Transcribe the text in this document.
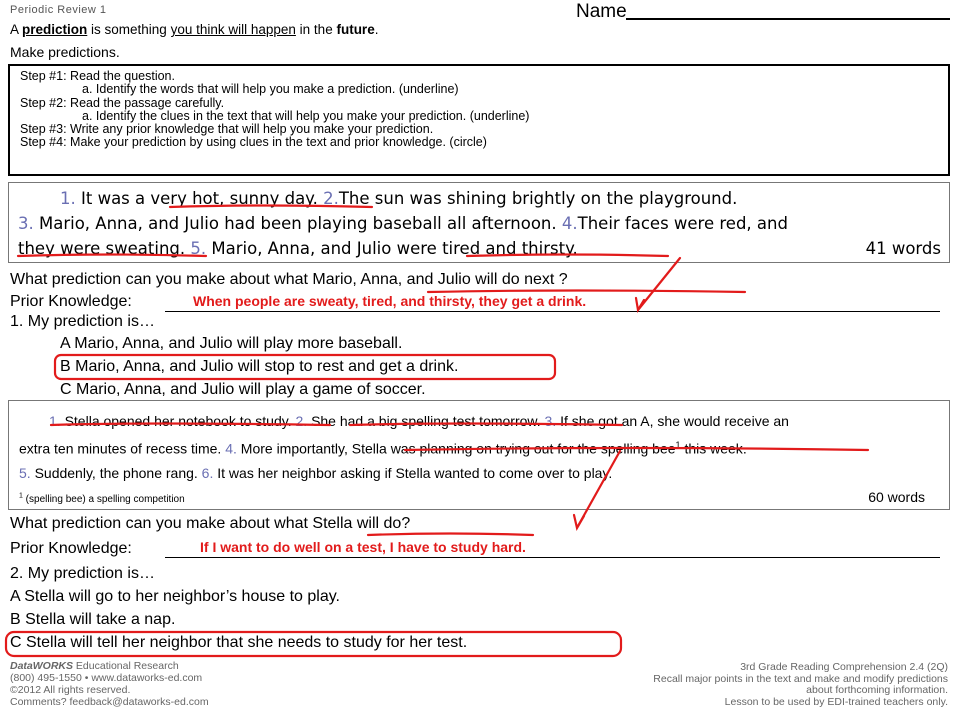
Periodic Review 1	Name
A prediction is something you think will happen in the future.
Make predictions.
Step #1: Read the question.
a. Identify the words that will help you make a prediction. (underline)
Step #2: Read the passage carefully.
a. Identify the clues in the text that will help you make your prediction. (underline)
Step #3: Write any prior knowledge that will help you make your prediction.
Step #4: Make your prediction by using clues in the text and prior knowledge. (circle)
1. It was a very hot, sunny day. 2.The sun was shining brightly on the playground.
3. Mario, Anna, and Julio had been playing baseball all afternoon. 4.Their faces were red, and
they were sweating. 5. Mario, Anna, and Julio were tired and thirsty.	41 words
What prediction can you make about what Mario, Anna, and Julio will do next ?
Prior Knowledge:	When people are sweaty, tired, and thirsty, they get a drink.
1. My prediction is…
A Mario, Anna, and Julio will play more baseball.
B Mario, Anna, and Julio will stop to rest and get a drink.
C Mario, Anna, and Julio will play a game of soccer.
1. Stella opened her notebook to study. 2. She had a big spelling test tomorrow. 3. If she got an A, she would receive an
extra ten minutes of recess time. 4. More importantly, Stella was planning on trying out for the spelling bee$^1$ this week.
5. Suddenly, the phone rang. 6. It was her neighbor asking if Stella wanted to come over to play.
$^1$ (spelling bee) a spelling competition	60 words
What prediction can you make about what Stella will do?
Prior Knowledge:	If I want to do well on a test, I have to study hard.
2. My prediction is…
A Stella will go to her neighbor’s house to play.
B Stella will take a nap.
C Stella will tell her neighbor that she needs to study for her test.
DataWORKS Educational Research
(800) 495-1550 • www.dataworks-ed.com
©2012 All rights reserved.
Comments? feedback@dataworks-ed.com
3rd Grade Reading Comprehension 2.4 (2Q)
Recall major points in the text and make and modify predictions
about forthcoming information.
Lesson to be used by EDI-trained teachers only.
